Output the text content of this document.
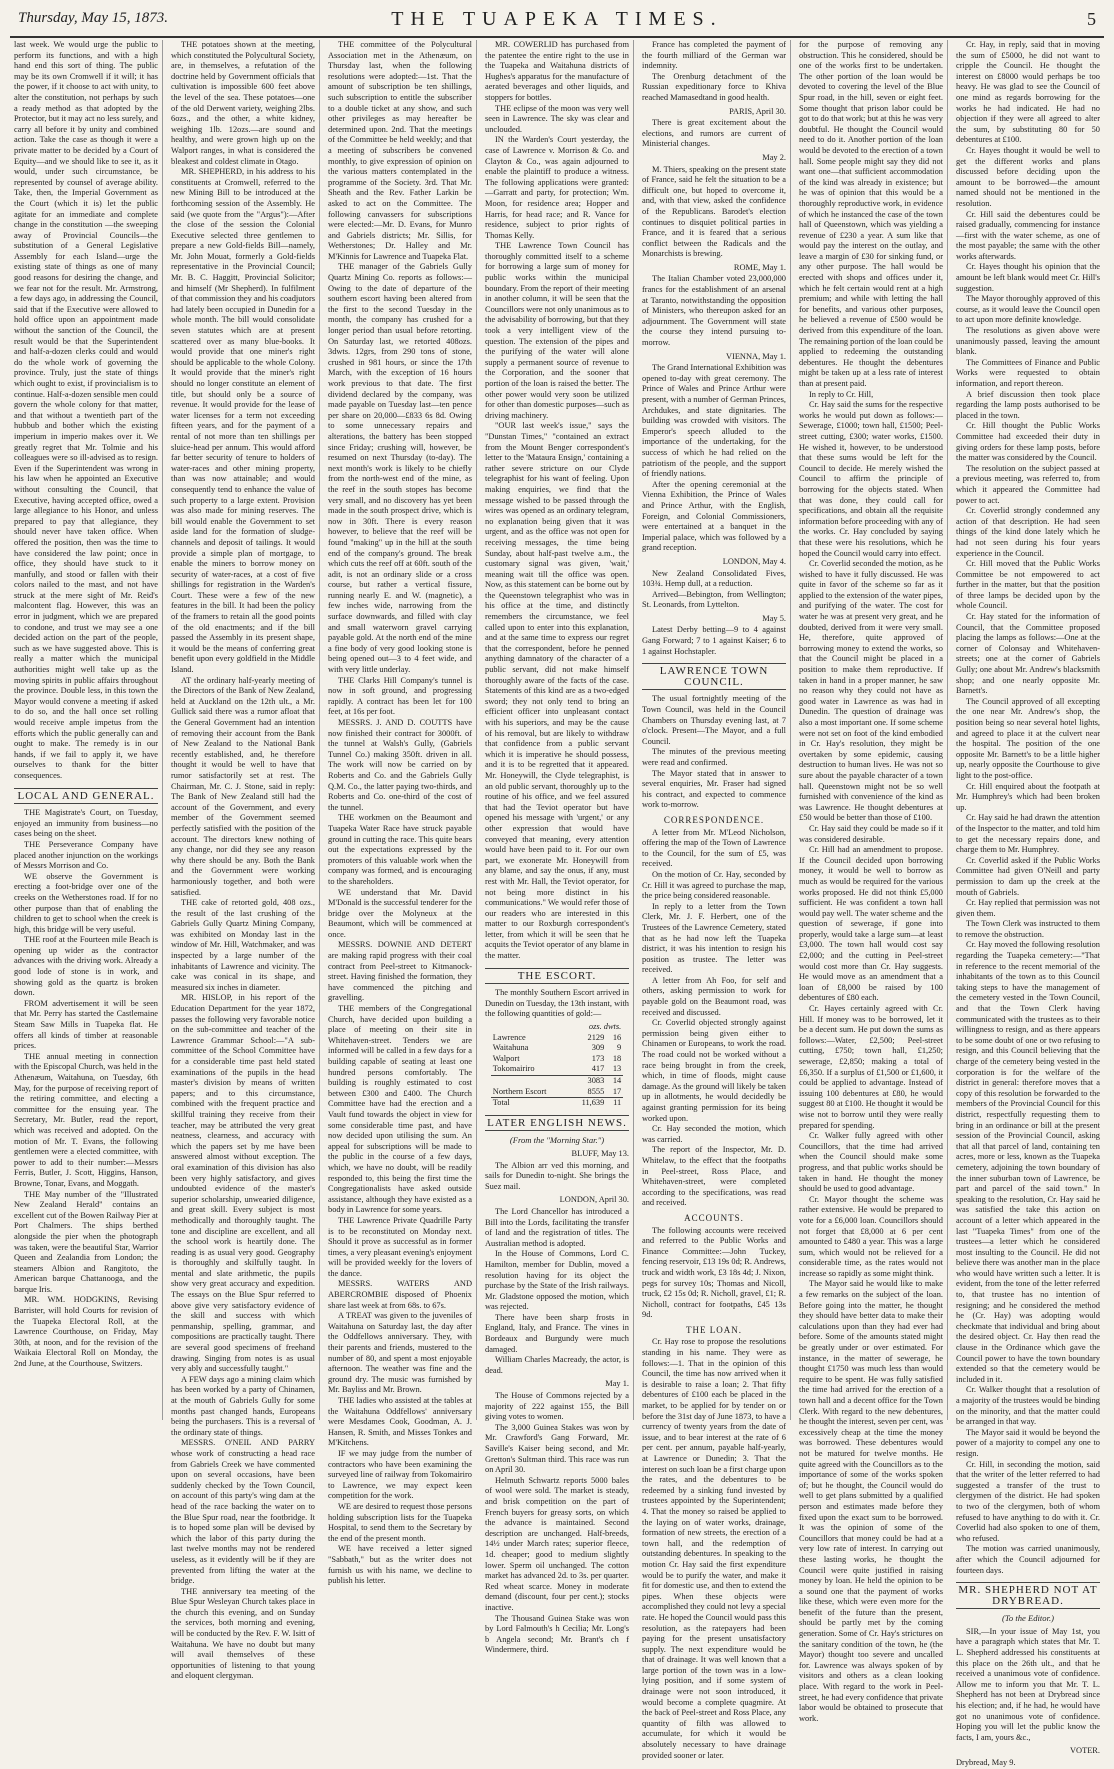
Thursday, May 15, 1873.	THE TUAPEKA TIMES.	5

last week. We would urge the public to perform its functions, and with a high hand end this sort of thing. The public may be its own Cromwell if it will; it has the power, if it choose to act with unity, to alter the constitution, not perhaps by such a ready method as that adopted by the Protector, but it may act no less surely, and carry all before it by unity and combined action. Take the case as though it were a private matter to be decided by a Court of Equity—and we should like to see it, as it would, under such circumstance, be represented by counsel of average ability. Take, then, the Imperial Government as the Court (which it is) let the public agitate for an immediate and complete change in the constitution —the sweeping away of Provincial Councils—the substitution of a General Legislative Assembly for each Island—urge the existing state of things as one of many good reasons for desiring the change, and we fear not for the result. Mr. Armstrong, a few days ago, in addressing the Council, said that if the Executive were allowed to hold office upon an appointment made without the sanction of the Council, the result would be that the Superintendent and half-a-dozen clerks could and would do the whole work of governing the province. Truly, just the state of things which ought to exist, if provincialism is to continue. Half-a-dozen sensible men could govern the whole colony for that matter, and that without a twentieth part of the hubbub and bother which the existing imperium in imperio makes over it. We greatly regret that Mr. Tolmie and his colleagues were so ill-advised as to resign. Even if the Superintendent was wrong in his law when he appointed an Executive without consulting the Council, that Executive, having accepted office, owed a large allegiance to his Honor, and unless prepared to pay that allegiance, they should never have taken office. When offered the position, then was the time to have considered the law point; once in office, they should have stuck to it manfully, and stood or fallen with their colors nailed to the mast, and not have struck at the mere sight of Mr. Reid's malcontent flag. However, this was an error in judgment, which we are prepared to condone, and trust we may see a one decided action on the part of the people, such as we have suggested above. This is really a matter which the municipal authorities might well take up as the moving spirits in public affairs throughout the province. Double less, in this town the Mayor would convene a meeting if asked to do so, and the hall once set rolling would receive ample impetus from the efforts which the public generally can and ought to make. The remedy is in our hands, if we fail to apply it, we have ourselves to thank for the bitter consequences.

LOCAL AND GENERAL.

THE Magistrate's Court, on Tuesday, enjoyed an immunity from business—no cases being on the sheet.

THE Perseverance Company have placed another injunction on the workings of Messrs Morrison and Co.

WE observe the Government is erecting a foot-bridge over one of the creeks on the Wetherstones road. If for no other purpose than that of enabling the children to get to school when the creek is high, this bridge will be very useful.

THE roof at the Fourteen mile Beach is opening up wider as the contractor advances with the driving work. Already a good lode of stone is in work, and showing gold as the quartz is broken down.

FROM advertisement it will be seen that Mr. Perry has started the Castlemaine Steam Saw Mills in Tuapeka flat. He offers all kinds of timber at reasonable prices.

THE annual meeting in connection with the Episcopal Church, was held in the Athenæum, Waitahuna, on Tuesday, 6th May, for the purpose of receiving report of the retiring committee, and electing a committee for the ensuing year. The Secretary, Mr. Butler, read the report, which was received and adopted. On the motion of Mr. T. Evans, the following gentlemen were a elected committee, with power to add to their number:—Messrs Ferris, Butler, J. Scott, Higgins, Hanson, Browne, Tonar, Evans, and Moggath.

THE May number of the "Illustrated New Zealand Herald" contains an excellent cut of the Bowen Railway Pier at Port Chalmers. The ships berthed alongside the pier when the photograph was taken, were the beautiful Star, Warrior Queen and Zealandia from London; the steamers Albion and Rangitoto, the American barque Chattanooga, and the barque Iris.

MR. WM. HODGKINS, Revising Barrister, will hold Courts for revision of the Tuapeka Electoral Roll, at the Lawrence Courthouse, on Friday, May 30th, at noon, and for the revision of the Waikaia Electoral Roll on Monday, the 2nd June, at the Courthouse, Switzers.

THE potatoes shown at the meeting, which constituted the Polycultural Society, are, in themselves, a refutation of the doctrine held by Government officials that cultivation is impossible 600 feet above the level of the sea. These potatoes—one of the old Derwent variety, weighing 2lbs. 6ozs., and the other, a white kidney, weighing 1lb. 12ozs.—are sound and healthy, and were grown high up on the Walport ranges, in what is considered the bleakest and coldest climate in Otago.

MR. SHEPHERD, in his address to his constituents at Cromwell, referred to the new Mining Bill to be introduced at the forthcoming session of the Assembly. He said (we quote from the "Argus"):—After the close of the session the Colonial Executive selected three gentlemen to prepare a new Gold-fields Bill—namely, Mr. John Mouat, formerly a Gold-fields representative in the Provincial Council; Mr. B. C. Haggitt, Provincial Solicitor; and himself (Mr Shepherd). In fulfilment of that commission they and his coadjutors had lately been occupied in Dunedin for a whole month. The bill would consolidate seven statutes which are at present scattered over as many blue-books. It would provide that one miner's right should be applicable to the whole Colony. It would provide that the miner's right should no longer constitute an element of title, but should only be a source of revenue. It would provide for the lease of water licenses for a term not exceeding fifteen years, and for the payment of a rental of not more than ten shillings per sluice-head per annum. This would afford far better security of tenure to holders of water-races and other mining property, than was now attainable; and would consequently tend to enhance the value of such property to a large extent. Provision was also made for mining reserves. The bill would enable the Government to set aside land for the formation of sludge-channels and deposit of tailings. It would provide a simple plan of mortgage, to enable the miners to borrow money on security of water-races, at a cost of five shillings for registration in the Warden's Court. These were a few of the new features in the bill. It had been the policy of the framers to retain all the good points of the old enactments; and if the bill passed the Assembly in its present shape, it would be the means of conferring great benefit upon every goldfield in the Middle Island.

AT the ordinary half-yearly meeting of the Directors of the Bank of New Zealand, held at Auckland on the 12th ult., a Mr. Gullick said there was a rumor afloat that the General Government had an intention of removing their account from the Bank of New Zealand to the National Bank recently established, and, he therefore thought it would be well to have that rumor satisfactorily set at rest. The Chairman, Mr. C. J. Stone, said in reply: The Bank of New Zealand still had the account of the Government, and every member of the Government seemed perfectly satisfied with the position of the account. The directors knew nothing of any change, nor did they see any reason why there should be any. Both the Bank and the Government were working harmoniously together, and both were satisfied.

THE cake of retorted gold, 408 ozs., the result of the last crushing of the Gabriels Gully Quartz Mining Company, was exhibited on Monday last in the window of Mr. Hill, Watchmaker, and was inspected by a large number of the inhabitants of Lawrence and vicinity. The cake was conical in its shape, and measured six inches in diameter.

MR. HISLOP, in his report of the Education Department for the year 1872, passes the following very favorable notice on the sub-committee and teacher of the Lawrence Grammar School:—"A sub-committee of the School Committee have for a considerable time past held stated examinations of the pupils in the head master's division by means of written papers; and to this circumstance, combined with the frequent practice and skillful training they receive from their teacher, may be attributed the very great neatness, clearness, and accuracy with which the papers set by me have been answered almost without exception. The oral examination of this division has also been very highly satisfactory, and gives undoubted evidence of the master's superior scholarship, unwearied diligence, and great skill. Every subject is most methodically and thoroughly taught. The tone and discipline are excellent, and all the school work is heartily done. The reading is as usual very good. Geography is thoroughly and skilfully taught. In mental and slate arithmetic, the pupils show very great accuracy and expedition. The essays on the Blue Spur referred to above give very satisfactory evidence of the skill and success with which penmanship, spelling, grammar, and compositions are practically taught. There are several good specimens of freehand drawing. Singing from notes is as usual very ably and successfully taught."

A FEW days ago a mining claim which has been worked by a party of Chinamen, at the mouth of Gabriels Gully for some months past changed hands, Europeans being the purchasers. This is a reversal of the ordinary state of things.

MESSRS. O'NEIL AND PARRY whose work of constructing a head race from Gabriels Creek we have commented upon on several occasions, have been suddenly checked by the Town Council, on account of this party's wing dam at the head of the race backing the water on to the Blue Spur road, near the footbridge. It is to hoped some plan will be devised by which the labor of this party during the last twelve months may not be rendered useless, as it evidently will be if they are prevented from lifting the water at the bridge.

THE anniversary tea meeting of the Blue Spur Wesleyan Church takes place in the church this evening, and on Sunday the services, both morning and evening, will be conducted by the Rev. F. W. Isitt of Waitahuna. We have no doubt but many will avail themselves of these opportunities of listening to that young and eloquent clergyman.

THE committee of the Polycultural Association met in the Athenæum, on Thursday last, when the following resolutions were adopted:—1st. That the amount of subscription be ten shillings, such subscription to entitle the subscriber to a double ticket at any show, and such other privileges as may hereafter be determined upon. 2nd. That the meetings of the Committee be held weekly; and that a meeting of subscribers be convened monthly, to give expression of opinion on the various matters contemplated in the programme of the Society. 3rd. That Mr. Sheath and the Rev. Father Larkin be asked to act on the Committee. The following canvassers for subscriptions were elected:—Mr. D. Evans, for Munro and Gabriels districts; Mr. Sillis, for Wetherstones; Dr. Halley and Mr. M'Kinnis for Lawrence and Tuapeka Flat.

THE manager of the Gabriels Gully Quartz Mining Co. reports as follows:—Owing to the date of departure of the southern escort having been altered from the first to the second Tuesday in the month, the company has crushed for a longer period than usual before retorting. On Saturday last, we retorted 408ozs. 3dwts. 12grs, from 290 tons of stone, crushed in 981 hours, or since the 17th March, with the exception of 16 hours work previous to that date. The first dividend declared by the company, was made payable on Tuesday last—ten pence per share on 20,000—£833 6s 8d. Owing to some unnecessary repairs and alterations, the battery has been stopped since Friday; crushing will, however, be resumed on next Thursday (to-day). The next month's work is likely to be chiefly from the north-west end of the mine, as the reef in the south stopes has become very small, and no discovery has yet been made in the south prospect drive, which is now in 30ft. There is every reason however, to believe that the reef will be found "making" up in the hill at the south end of the company's ground. The break which cuts the reef off at 60ft. south of the adit, is not an ordinary slide or a cross course, but rather a vertical fissure, running nearly E. and W. (magnetic), a few inches wide, narrowing from the surface downwards, and filled with clay and small waterworn gravel carrying payable gold. At the north end of the mine a fine body of very good looking stone is being opened out—3 to 4 feet wide, and with very little underlay.

THE Clarks Hill Company's tunnel is now in soft ground, and progressing rapidly. A contract has been let for 100 feet, at 16s per foot.

MESSRS. J. AND D. COUTTS have now finished their contract for 3000ft. of the tunnel at Walsh's Gully, (Gabriels Tunnel Co.) making 350ft. driven in all. The work will now be carried on by Roberts and Co. and the Gabriels Gully Q.M. Co., the latter paying two-thirds, and Roberts and Co. one-third of the cost of the tunnel.

THE workmen on the Beaumont and Tuapeka Water Race have struck payable ground in cutting the race. This quite bears out the expectations expressed by the promoters of this valuable work when the company was formed, and is encouraging to the shareholders.

WE understand that Mr. David M'Donald is the successful tenderer for the bridge over the Molyneux at the Beaumont, which will be commenced at once.

MESSRS. DOWNIE AND DETERT are making rapid progress with their coal contract from Peel-street to Kitmanock-street. Having finished the formation, they have commenced the pitching and gravelling.

THE members of the Congregational Church, have decided upon building a place of meeting on their site in Whitehaven-street. Tenders we are informed will be called in a few days for a building capable of seating at least one hundred persons comfortably. The building is roughly estimated to cost between £300 and £400. The Church Committee have had the erection and a Vault fund towards the object in view for some considerable time past, and have now decided upon utilising the sum. An appeal for subscriptions will be made to the public in the course of a few days, which, we have no doubt, will be readily responded to, this being the first time the Congregationalists have asked outside assistance, although they have existed as a body in Lawrence for some years.

THE Lawrence Private Quadrille Party is to be reconstituted on Monday next. Should it prove as successful as in former times, a very pleasant evening's enjoyment will be provided weekly for the lovers of the dance.

MESSRS. WATERS AND ABERCROMBIE disposed of Phoenix share last week at from 68s. to 67s.

A TREAT was given to the juveniles of Waitahuna on Saturday last, the day after the Oddfellows anniversary. They, with their parents and friends, mustered to the number of 80, and spent a most enjoyable afternoon. The weather was fine and the ground dry. The music was furnished by Mr. Bayliss and Mr. Brown.

THE ladies who assisted at the tables at the Waitahuna Oddfellows' anniversary were Mesdames Cook, Goodman, A. J. Hansen, R. Smith, and Misses Tonkes and M'Kitchens.

IF we may judge from the number of contractors who have been examining the surveyed line of railway from Tokomairiro to Lawrence, we may expect keen competition for the work.

WE are desired to request those persons holding subscription lists for the Tuapeka Hospital, to send them to the Secretary by the end of the present month.

WE have received a letter signed "Sabbath," but as the writer does not furnish us with his name, we decline to publish his letter.

MR. COWERLID has purchased from the patentee the entire right to the use in the Tuapeka and Waitahuna districts of Hughes's apparatus for the manufacture of aerated beverages and other liquids, and stoppers for bottles.

THE eclipse of the moon was very well seen in Lawrence. The sky was clear and unclouded.

IN the Warden's Court yesterday, the case of Lawrence v. Morrison & Co. and Clayton & Co., was again adjourned to enable the plaintiff to produce a witness. The following applications were granted:—Garratt and party, for protection; Wm. Moon, for residence area; Hopper and Harris, for head race; and R. Vance for residence, subject to prior rights of Thomas Kelly.

THE Lawrence Town Council has thoroughly committed itself to a scheme for borrowing a large sum of money for public works within the municipal boundary. From the report of their meeting in another column, it will be seen that the Councillors were not only unanimous as to the advisability of borrowing, but that they took a very intelligent view of the question. The extension of the pipes and the purifying of the water will alone supply a permanent source of revenue to the Corporation, and the sooner that portion of the loan is raised the better. The other power would very soon be utilized for other than domestic purposes—such as driving machinery.

"OUR last week's issue," says the "Dunstan Times," "contained an extract from the Mount Benger correspondent's letter to the 'Mataura Ensign,' containing a rather severe stricture on our Clyde telegraphist for his want of feeling. Upon making enquiries, we find that the message wished to be passed through the wires was opened as an ordinary telegram, no explanation being given that it was urgent, and as the office was not open for receiving messages, the time being Sunday, about half-past twelve a.m., the customary signal was given, 'wait,' meaning wait till the office was open. Now, as this statement can be borne out by the Queenstown telegraphist who was in his office at the time, and distinctly remembers the circumstance, we feel called upon to enter into this explanation, and at the same time to express our regret that the correspondent, before he penned anything damnatory of the character of a public servant, did not make himself thoroughly aware of the facts of the case. Statements of this kind are as a two-edged sword; they not only tend to bring an efficient officer into unpleasant contact with his superiors, and may be the cause of his removal, but are likely to withdraw that confidence from a public servant which it is imperative he should possess, and it is to be regretted that it appeared. Mr. Honeywill, the Clyde telegraphist, is an old public servant, thoroughly up to the routine of his office, and we feel assured that had the Teviot operator but have opened his message with 'urgent,' or any other expression that would have conveyed that meaning, every attention would have been paid to it. For our own part, we exonerate Mr. Honeywill from any blame, and say the onus, if any, must rest with Mr. Hall, the Teviot operator, for not being more distinct in his communications." We would refer those of our readers who are interested in this matter to our Roxburgh correspondent's letter, from which it will be seen that he acquits the Teviot operator of any blame in the matter.

THE ESCORT.

The monthly Southern Escort arrived in Dunedin on Tuesday, the 13th instant, with the following quantities of gold:—

	ozs. dwts.	
Lawrence	2129	16
Waitahuna	309	9
Walport	173	18
Tokomairiro	417	13
	3083	14
Northern Escort	8555	17
Total	11,639	11
LATER ENGLISH NEWS.
(From the "Morning Star.")
BLUFF, May 13.

The Albion arr ved this morning, and sails for Dunedin to-night. She brings the Suez mail.

LONDON, April 30.

The Lord Chancellor has introduced a Bill into the Lords, facilitating the transfer of land and the registration of titles. The Australian method is adopted.

In the House of Commons, Lord C. Hamilton, member for Dublin, moved a resolution having for its object the purchase by the State of the Irish railways. Mr. Gladstone opposed the motion, which was rejected.

There have been sharp frosts in England, Italy, and France. The vines in Bordeaux and Burgundy were much damaged.

William Charles Macready, the actor, is dead.

May 1.

The House of Commons rejected by a majority of 222 against 155, the Bill giving votes to women.

The 3,000 Guinea Stakes was won by Mr. Crawford's Gang Forward, Mr. Saville's Kaiser being second, and Mr. Gretton's Sultman third. This race was run on April 30.

Helmuth Schwartz reports 5000 bales of wool were sold. The market is steady, and brisk competition on the part of French buyers for greasy sorts, on which the advance is maintained. Second description are unchanged. Half-breeds, 14½ under March rates; superior fleece, 1d. cheaper; good to medium slightly lower. Sperm oil unchanged. The cotton market has advanced 2d. to 3s. per quarter. Red wheat scarce. Money in moderate demand (discount, four per cent.); stocks inactive.

The Thousand Guinea Stake was won by Lord Falmouth's h Cecilia; Mr. Long's b Angela second; Mr. Brant's ch f Windermere, third.

France has completed the payment of the fourth milliard of the German war indemnity.

The Orenburg detachment of the Russian expeditionary force to Khiva reached Mamasedtand in good health.

PARIS, April 30.

There is great excitement about the elections, and rumors are current of Ministerial changes.

May 2.

M. Thiers, speaking on the present state of France, said he felt the situation to be a difficult one, but hoped to overcome it, and, with that view, asked the confidence of the Republicans. Barodet's election continues to disquiet political parties in France, and it is feared that a serious conflict between the Radicals and the Monarchists is brewing.

ROME, May 1.

The Italian Chamber voted 23,000,000 francs for the establishment of an arsenal at Taranto, notwithstanding the opposition of Ministers, who thereupon asked for an adjournment. The Government will state the course they intend pursuing to-morrow.

VIENNA, May 1.

The Grand International Exhibition was opened to-day with great ceremony. The Prince of Wales and Prince Arthur were present, with a number of German Princes, Archdukes, and state dignitaries. The building was crowded with visitors. The Emperor's speech alluded to the importance of the undertaking, for the success of which he had relied on the patriotism of the people, and the support of friendly nations.

After the opening ceremonial at the Vienna Exhibition, the Prince of Wales and Prince Arthur, with the English, Foreign, and Colonial Commissioners, were entertained at a banquet in the Imperial palace, which was followed by a grand reception.

LONDON, May 4.

New Zealand Consolidated Fives, 103¾. Hemp dull, at a reduction.

Arrived—Bebington, from Wellington; St. Leonards, from Lyttelton.

May 5.

Latest Derby betting—9 to 4 against Gang Forward; 7 to 1 against Kaiser; 6 to 1 against Hochstapler.

LAWRENCE TOWN COUNCIL.

The usual fortnightly meeting of the Town Council, was held in the Council Chambers on Thursday evening last, at 7 o'clock. Present—The Mayor, and a full Council.

The minutes of the previous meeting were read and confirmed.

The Mayor stated that in answer to several enquiries, Mr. Fraser had signed his contract, and expected to commence work to-morrow.

CORRESPONDENCE.

A letter from Mr. M'Leod Nicholson, offering the map of the Town of Lawrence to the Council, for the sum of £5, was received.

On the motion of Cr. Hay, seconded by Cr. Hill it was agreed to purchase the map, the price being considered reasonable.

In reply to a letter from the Town Clerk, Mr. J. F. Herbert, one of the Trustees of the Lawrence Cemetery, stated that as he had now left the Tuapeka district, it was his intention to resign his position as trustee. The letter was received.

A letter from Ah Foo, for self and others, asking permission to work for payable gold on the Beaumont road, was received and discussed.

Cr. Coverlid objected strongly against permission being given either to Chinamen or Europeans, to work the road. The road could not be worked without a race being brought in from the creek, which, in time of floods, might cause damage. As the ground will likely be taken up in allotments, he would decidedly be against granting permission for its being worked upon.

Cr. Hay seconded the motion, which was carried.

The report of the Inspector, Mr. D. Whitelaw, to the effect that the footpaths in Peel-street, Ross Place, and Whitehaven-street, were completed according to the specifications, was read and received.

ACCOUNTS.

The following accounts were received and referred to the Public Works and Finance Committee:—John Tuckey, fencing reservoir, £13 19s 0d; R. Andrews, truck and width work, £3 18s 4d; J. Nixon, pegs for survey 10s; Thomas and Nicoll, truck, £2 15s 0d; R. Nicholl, gravel, £1; R. Nicholl, contract for footpaths, £45 13s 9d.

THE LOAN.

Cr. Hay rose to propose the resolutions standing in his name. They were as follows:—1. That in the opinion of this Council, the time has now arrived when it is desirable to raise a loan; 2. That fifty debentures of £100 each be placed in the market, to be applied for by tender on or before the 31st day of June 1873, to have a currency of twenty years from the date of issue, and to bear interest at the rate of 6 per cent. per annum, payable half-yearly, at Lawrence or Dunedin; 3. That the interest on such loan be a first charge upon the rates, and the debentures to be redeemed by a sinking fund invested by trustees appointed by the Superintendent; 4. That the money so raised be applied to the laying on of water works, drainage, formation of new streets, the erection of a town hall, and the redemption of outstanding debentures. In speaking to the motion Cr. Hay said the first expenditure would be to purify the water, and make it fit for domestic use, and then to extend the pipes. When these objects were accomplished they could not levy a special rate. He hoped the Council would pass this resolution, as the ratepayers had been paying for the present unsatisfactory supply. The next expenditure would be that of drainage. It was well known that a large portion of the town was in a low-lying position, and if some system of drainage were not soon introduced, it would become a complete quagmire. At the back of Peel-street and Ross Place, any quantity of filth was allowed to accumulate, for which it would be absolutely necessary to have drainage provided sooner or later.

for the purpose of removing any obstruction. This he considered, should be one of the works first to be undertaken. The other portion of the loan would be devoted to covering the level of the Blue Spur road, in the hill, seven or eight feet. Some thought that prison labor could be got to do that work; but at this he was very doubtful. He thought the Council would need to do it. Another portion of the loan would be devoted to the erection of a town hall. Some people might say they did not want one—that sufficient accommodation of the kind was already in existence; but he was of opinion that this would be a thoroughly reproductive work, in evidence of which he instanced the case of the town hall of Queenstown, which was yielding a revenue of £230 a year. A sum like that would pay the interest on the outlay, and leave a margin of £30 for sinking fund, or any other purpose. The hall would be erected with shops and offices under it, which he felt certain would rent at a high premium; and while with letting the hall for benefits, and various other purposes, he believed a revenue of £500 would be derived from this expenditure of the loan. The remaining portion of the loan could be applied to redeeming the outstanding debentures. He thought the debentures might be taken up at a less rate of interest than at present paid.

In reply to Cr. Hill,

Cr. Hay said the sums for the respective works he would put down as follows:—Sewerage, £1000; town hall, £1500; Peel-street cutting, £300; water works, £1500. He wished it, however, to be understood that these sums would be left for the Council to decide. He merely wished the Council to affirm the principle of borrowing for the objects stated. When that was done, they could call for specifications, and obtain all the requisite information before proceeding with any of the works. Cr. Hay concluded by saying that these were his resolutions, which he hoped the Council would carry into effect.

Cr. Coverlid seconded the motion, as he wished to have it fully discussed. He was quite in favor of the scheme so far as it applied to the extension of the water pipes, and purifying of the water. The cost for water he was at present very great, and he doubted, derived from it were very small. He, therefore, quite approved of borrowing money to extend the works, so that the Council might be placed in a position to make them reproductive. If taken in hand in a proper manner, he saw no reason why they could not have as good water in Lawrence as was had in Dunedin. The question of drainage was also a most important one. If some scheme were not set on foot of the kind embodied in Cr. Hay's resolution, they might be overtaken by some epidemic, causing destruction to human lives. He was not so sure about the payable character of a town hall. Queenstown might not be so well furnished with convenience of the kind as was Lawrence. He thought debentures at £50 would be better than those of £100.

Cr. Hay said they could be made so if it was considered desirable.

Cr. Hill had an amendment to propose. If the Council decided upon borrowing money, it would be well to borrow as much as would be required for the various works proposed. He did not think £5,000 sufficient. He was confident a town hall would pay well. The water scheme and the question of sewerage, if gone into properly, would take a large sum—at least £3,000. The town hall would cost say £2,000; and the cutting in Peel-street would cost more than Cr. Hay suggests. He would move as an amendment that a loan of £8,000 be raised by 100 debentures of £80 each.

Cr. Hayes certainly agreed with Cr. Hill. If money was to be borrowed, let it be a decent sum. He put down the sums as follows:—Water, £2,500; Peel-street cutting, £750; town hall, £1,250; sewerage, £2,850; making a total of £6,350. If a surplus of £1,500 or £1,600, it could be applied to advantage. Instead of issuing 100 debentures at £80, he would suggest 80 at £100. He thought it would be wise not to borrow until they were really prepared for spending.

Cr. Walker fully agreed with other Councillors, that the time had arrived when the Council should make some progress, and that public works should be taken in hand. He thought the money should be used to good advantage.

Cr. Mayor thought the scheme was rather extensive. He would be prepared to vote for a £6,000 loan. Councillors should not forget that £8,000 at 6 per cent amounted to £480 a year. This was a large sum, which would not be relieved for a considerable time, as the rates would not increase so rapidly as some might think.

The Mayor said he would like to make a few remarks on the subject of the loan. Before going into the matter, he thought they should have better data to make their calculations upon than they had ever had before. Some of the amounts stated might be greatly under or over estimated. For instance, in the matter of sewerage, he thought £1750 was much less than would require to be spent. He was fully satisfied the time had arrived for the erection of a town hall and a decent office for the Town Clerk. With regard to the new debentures, he thought the interest, seven per cent, was excessively cheap at the time the money was borrowed. These debentures would not be matured for twelve months. He quite agreed with the Councillors as to the importance of some of the works spoken of; but he thought, the Council would do well to get plans submitted by a qualified person and estimates made before they fixed upon the exact sum to be borrowed. It was the opinion of some of the Councillors that money could be had at a very low rate of interest. In carrying out these lasting works, he thought the Council were quite justified in raising money by loan. He held the opinion to be a sound one that the payment of works like these, which were even more for the benefit of the future than the present, should be partly met by the coming generation. Some of Cr. Hay's strictures on the sanitary condition of the town, he (the Mayor) thought too severe and uncalled for. Lawrence was always spoken of by visitors and others as a clean looking place. With regard to the work in Peel-street, he had every confidence that private labor would be obtained to prosecute that work.

Cr. Hay, in reply, said that in moving the sum of £5000, he did not want to cripple the Council. He thought the interest on £8000 would perhaps be too heavy. He was glad to see the Council of one mind as regards borrowing for the works he had indicated. He had no objection if they were all agreed to alter the sum, by substituting 80 for 50 debentures at £100.

Cr. Hayes thought it would be well to get the different works and plans discussed before deciding upon the amount to be borrowed—the amount named should not be mentioned in the resolution.

Cr. Hill said the debentures could be raised gradually, commencing for instance—first with the water scheme, as one of the most payable; the same with the other works afterwards.

Cr. Hayes thought his opinion that the amount be left blank would meet Cr. Hill's suggestion.

The Mayor thoroughly approved of this course, as it would leave the Council open to act upon more definite knowledge.

The resolutions as given above were unanimously passed, leaving the amount blank.

The Committees of Finance and Public Works were requested to obtain information, and report thereon.

A brief discussion then took place regarding the lamp posts authorised to be placed in the town.

Cr. Hill thought the Public Works Committee had exceeded their duty in giving orders for these lamp posts, before the matter was considered by the Council.

The resolution on the subject passed at a previous meeting, was referred to, from which it appeared the Committee had power to act.

Cr. Coverlid strongly condemned any action of that description. He had seen things of the kind done lately which he had not seen during his four years experience in the Council.

Cr. Hill moved that the Public Works Committee be not empowered to act further in the matter, but that the position of three lamps be decided upon by the whole Council.

Cr. Hay stated for the information of Council, that the Committee proposed placing the lamps as follows:—One at the corner of Colonsay and Whitehaven-streets; one at the corner of Gabriels Gully; one about Mr. Andrew's blacksmith shop; and one nearly opposite Mr. Barnett's.

The Council approved of all excepting the one near Mr. Andrew's shop, the position being so near several hotel lights, and agreed to place it at the culvert near the hospital. The position of the one opposite Mr. Barnett's to be a little higher up, nearly opposite the Courthouse to give light to the post-office.

Cr. Hill enquired about the footpath at Mr. Humphrey's which had been broken up.

Cr. Hay said he had drawn the attention of the Inspector to the matter, and told him to get the necessary repairs done, and charge them to Mr. Humphrey.

Cr. Coverlid asked if the Public Works Committee had given O'Neill and party permission to dam up the creek at the mouth of Gabriels.

Cr. Hay replied that permission was not given them.

The Town Clerk was instructed to them to remove the obstruction.

Cr. Hay moved the following resolution regarding the Tuapeka cemetery:—"That in reference to the recent memorial of the inhabitants of the town as to this Council taking steps to have the management of the cemetery vested in the Town Council, and that the Town Clerk having communicated with the trustees as to their willingness to resign, and as there appears to be some doubt of one or two refusing to resign, and this Council believing that the charge of the cemetery being vested in the corporation is for the welfare of the district in general: therefore moves that a copy of this resolution be forwarded to the members of the Provincial Council for this district, respectfully requesting them to bring in an ordinance or bill at the present session of the Provincial Council, asking that all that parcel of land, containing ten acres, more or less, known as the Tuapeka cemetery, adjoining the town boundary of the inner suburban town of Lawrence, be part and parcel of the said town." In speaking to the resolution, Cr. Hay said he was satisfied the take this action on account of a letter which appeared in the last "Tuapeka Times" from one of the trustees—a letter which he considered most insulting to the Council. He did not believe there was another man in the place who would have written such a letter. It is evident, from the tone of the letter referred to, that trustee has no intention of resigning; and he considered the method he (Cr. Hay) was adopting would checkmate that individual and bring about the desired object. Cr. Hay then read the clause in the Ordinance which gave the Council power to have the town boundary extended so that the cemetery would be included in it.

Cr. Walker thought that a resolution of a majority of the trustees would be binding on the minority, and that the matter could be arranged in that way.

The Mayor said it would be beyond the power of a majority to compel any one to resign.

Cr. Hill, in seconding the motion, said that the writer of the letter referred to had suggested a transfer of the trust to clergymen of the district. He had spoken to two of the clergymen, both of whom refused to have anything to do with it. Cr. Coverlid had also spoken to one of them, who refused.

The motion was carried unanimously, after which the Council adjourned for fourteen days.

MR. SHEPHERD NOT AT DRYBREAD.
(To the Editor.)

SIR,—In your issue of May 1st, you have a paragraph which states that Mr. T. L. Shepherd addressed his constituents at this place on the 26th ult., and that he received a unanimous vote of confidence. Allow me to inform you that Mr. T. L. Shepherd has not been at Drybread since his election; and, if he had, he would have got no unanimous vote of confidence. Hoping you will let the public know the facts, I am, yours &c.,

VOTER.

Drybread, May 9.
